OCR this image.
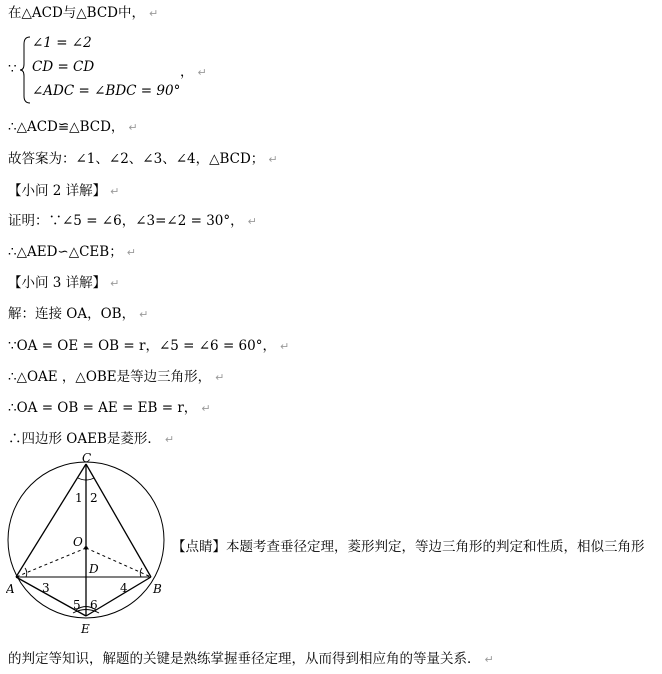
在△ACD与△BCD中， ↵
∵
∠1 = ∠2
CD = CD
∠ADC = ∠BDC = 90°
， ↵
∴△ACD≌△BCD， ↵
故答案为：∠1、∠2、∠3、∠4，△BCD； ↵
【小问 2 详解】 ↵
证明：∵∠5 = ∠6，∠3=∠2 = 30°， ↵
∴△AED∽△CEB； ↵
【小问 3 详解】 ↵
解：连接 OA，OB， ↵
∵OA = OE = OB = r，∠5 = ∠6 = 60°， ↵
∴△OAE ，△OBE是等边三角形， ↵
∴OA = OB = AE = EB = r， ↵
∴四边形 OAEB是菱形． ↵
C
O
D
A	B
E
1 2
3	4
5 6
【点睛】本题考查垂径定理，菱形判定，等边三角形的判定和性质，相似三角形
的判定等知识，解题的关键是熟练掌握垂径定理，从而得到相应角的等量关系． ↵
